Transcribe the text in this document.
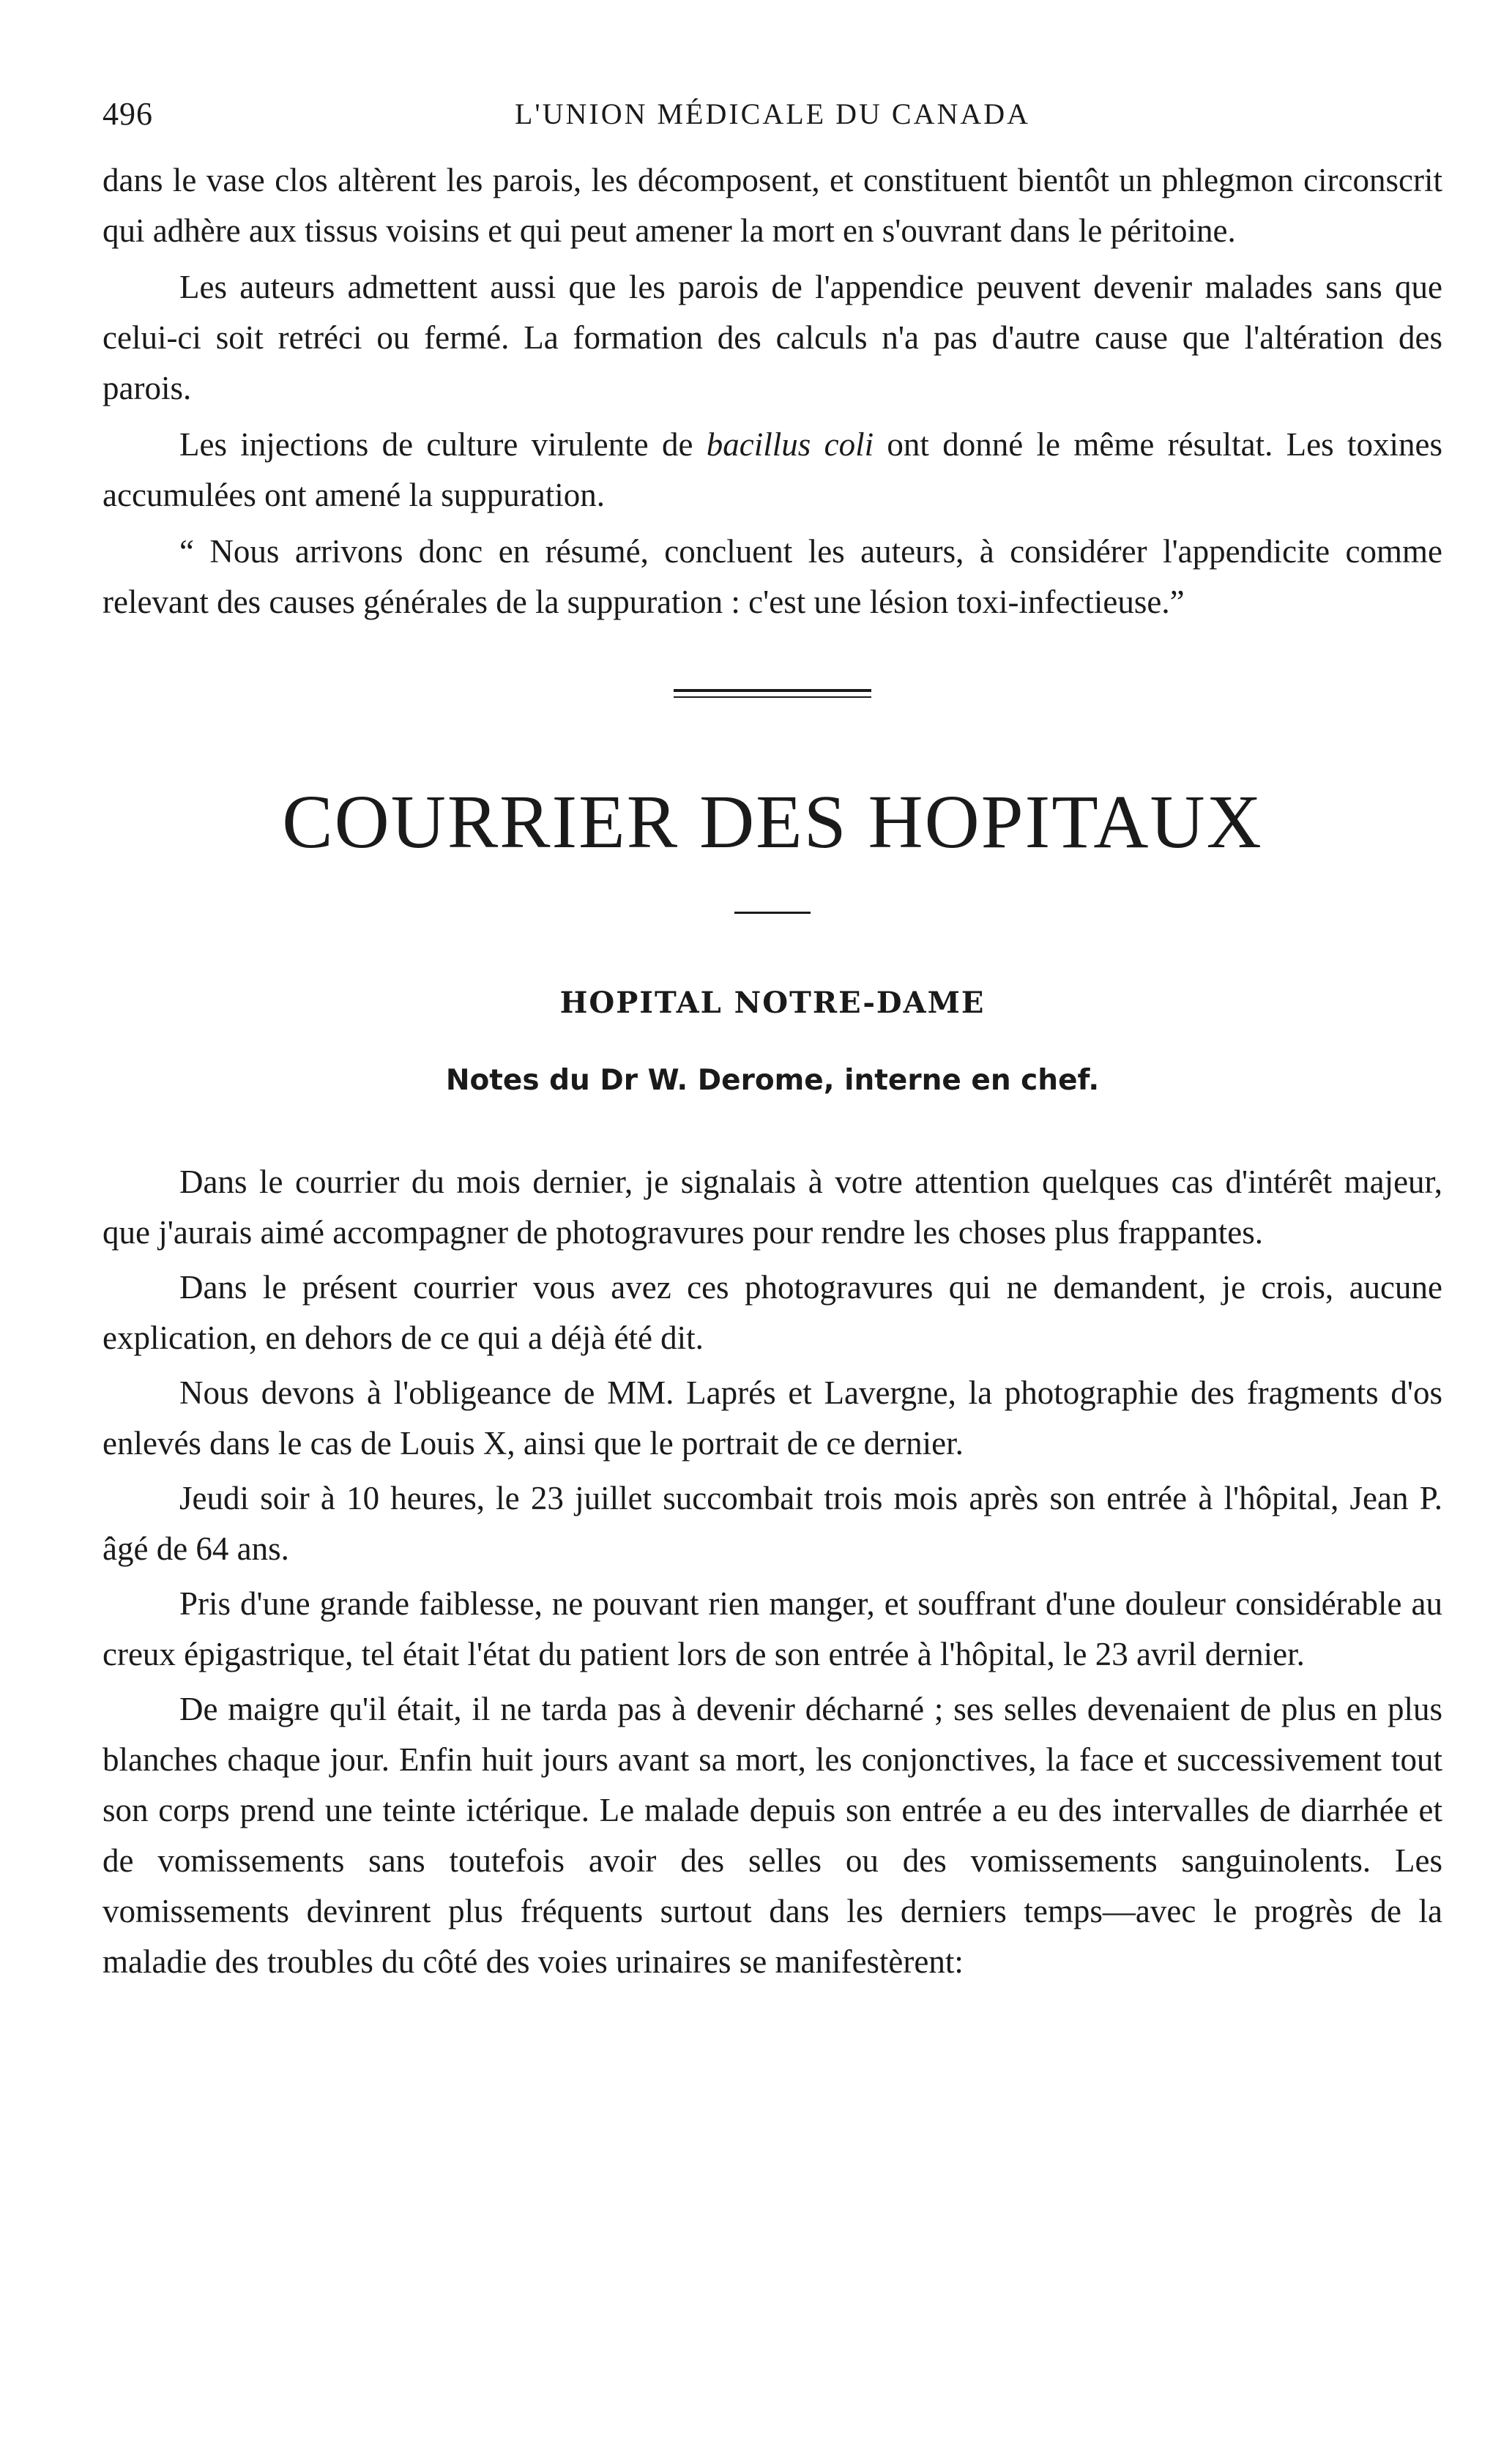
496	L'UNION MÉDICALE DU CANADA

dans le vase clos altèrent les parois, les décomposent, et constituent bientôt un phlegmon circonscrit qui adhère aux tissus voisins et qui peut amener la mort en s'ouvrant dans le péritoine.

Les auteurs admettent aussi que les parois de l'appendice peuvent devenir malades sans que celui-ci soit retréci ou fermé. La formation des calculs n'a pas d'autre cause que l'altération des parois.

Les injections de culture virulente de bacillus coli ont donné le même résultat. Les toxines accumulées ont amené la suppuration.

“ Nous arrivons donc en résumé, concluent les auteurs, à considérer l'appendicite comme relevant des causes générales de la suppuration : c'est une lésion toxi-infectieuse.”

COURRIER DES HOPITAUX
HOPITAL NOTRE-DAME
Notes du Dr W. Derome, interne en chef.

Dans le courrier du mois dernier, je signalais à votre attention quelques cas d'intérêt majeur, que j'aurais aimé accompagner de photogravures pour rendre les choses plus frappantes.

Dans le présent courrier vous avez ces photogravures qui ne demandent, je crois, aucune explication, en dehors de ce qui a déjà été dit.

Nous devons à l'obligeance de MM. Laprés et Lavergne, la photographie des fragments d'os enlevés dans le cas de Louis X, ainsi que le portrait de ce dernier.

Jeudi soir à 10 heures, le 23 juillet succombait trois mois après son entrée à l'hôpital, Jean P. âgé de 64 ans.

Pris d'une grande faiblesse, ne pouvant rien manger, et souffrant d'une douleur considérable au creux épigastrique, tel était l'état du patient lors de son entrée à l'hôpital, le 23 avril dernier.

De maigre qu'il était, il ne tarda pas à devenir décharné ; ses selles devenaient de plus en plus blanches chaque jour. Enfin huit jours avant sa mort, les conjonctives, la face et successivement tout son corps prend une teinte ictérique. Le malade depuis son entrée a eu des intervalles de diarrhée et de vomissements sans toutefois avoir des selles ou des vomissements sanguinolents. Les vomissements devinrent plus fréquents surtout dans les derniers temps—avec le progrès de la maladie des troubles du côté des voies urinaires se manifestèrent:
